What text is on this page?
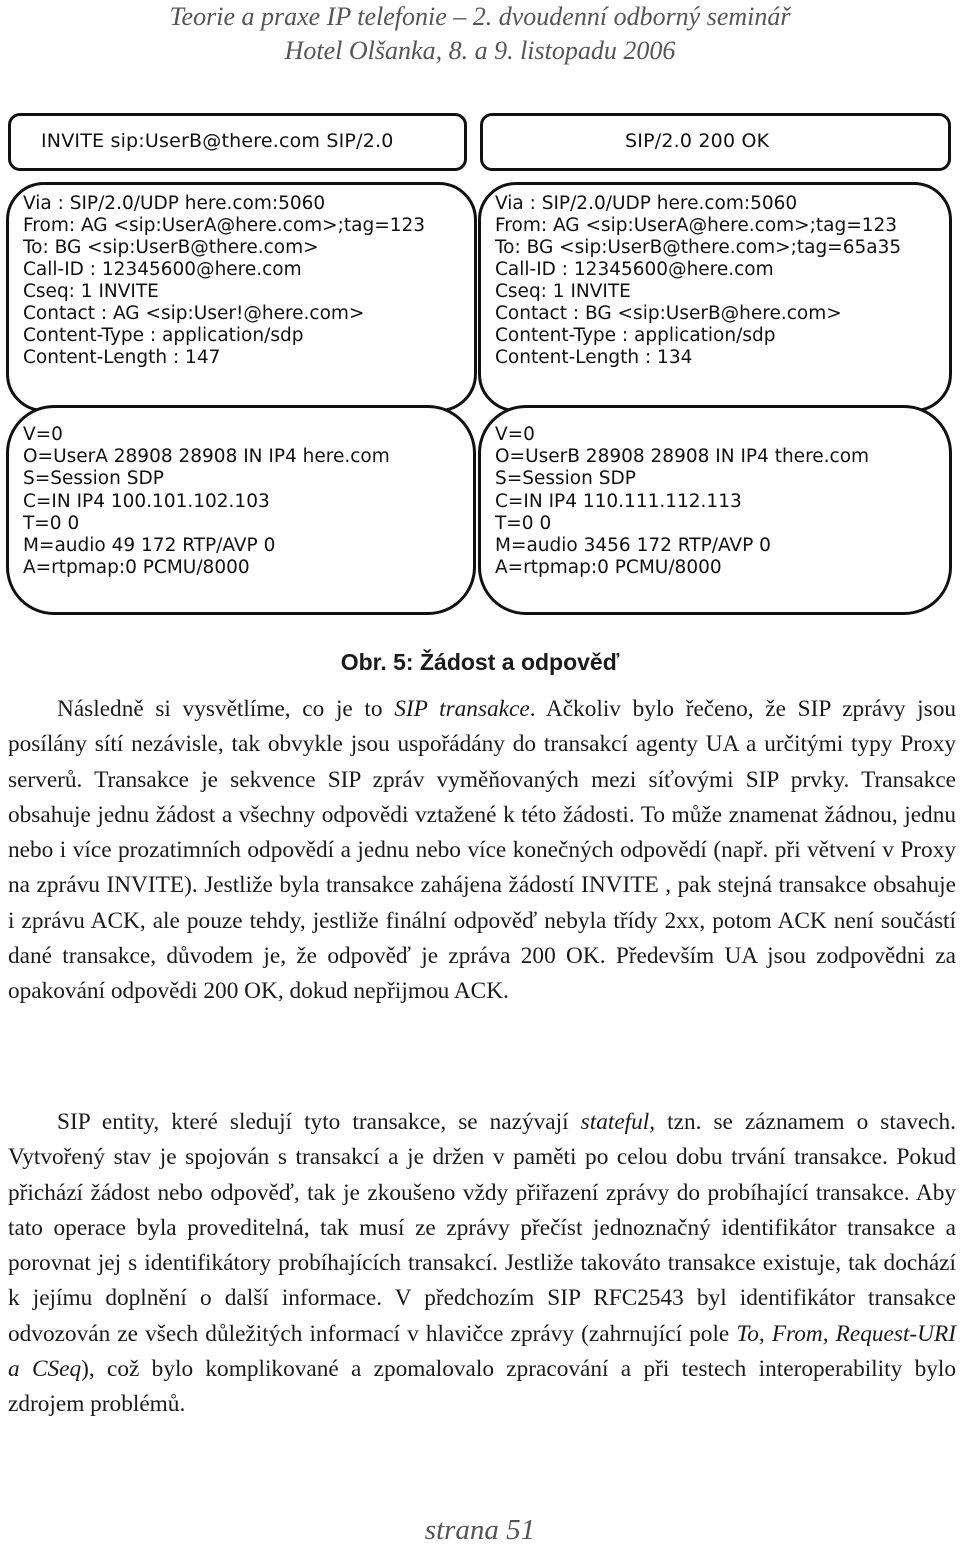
Teorie a praxe IP telefonie – 2. dvoudenní odborný seminář
Hotel Olšanka, 8. a 9. listopadu 2006
INVITE sip:UserB@there.com SIP/2.0
Via : SIP/2.0/UDP here.com:5060
From: AG <sip:UserA@here.com>;tag=123
To: BG <sip:UserB@there.com>
Call-ID : 12345600@here.com
Cseq: 1 INVITE
Contact : AG <sip:User!@here.com>
Content-Type : application/sdp
Content-Length : 147
V=0
O=UserA 28908 28908 IN IP4 here.com
S=Session SDP
C=IN IP4 100.101.102.103
T=0 0
M=audio 49 172 RTP/AVP 0
A=rtpmap:0 PCMU/8000
SIP/2.0 200 OK
Via : SIP/2.0/UDP here.com:5060
From: AG <sip:UserA@here.com>;tag=123
To: BG <sip:UserB@there.com>;tag=65a35
Call-ID : 12345600@here.com
Cseq: 1 INVITE
Contact : BG <sip:UserB@here.com>
Content-Type : application/sdp
Content-Length : 134
V=0
O=UserB 28908 28908 IN IP4 there.com
S=Session SDP
C=IN IP4 110.111.112.113
T=0 0
M=audio 3456 172 RTP/AVP 0
A=rtpmap:0 PCMU/8000
Obr. 5: Žádost a odpověď

Následně si vysvětlíme, co je to SIP transakce. Ačkoliv bylo řečeno, že SIP zprávy jsou posílány sítí nezávisle, tak obvykle jsou uspořádány do transakcí agenty UA a určitými typy Proxy serverů. Transakce je sekvence SIP zpráv vyměňovaných mezi síťovými SIP prvky. Transakce obsahuje jednu žádost a všechny odpovědi vztažené k této žádosti. To může znamenat žádnou, jednu nebo i více prozatimních odpovědí a jednu nebo více konečných odpovědí (např. při větvení v Proxy na zprávu INVITE). Jestliže byla transakce zahájena žádostí INVITE , pak stejná transakce obsahuje i zprávu ACK, ale pouze tehdy, jestliže finální odpověď nebyla třídy 2xx, potom ACK není součástí dané transakce, důvodem je, že odpověď je zpráva 200 OK. Především UA jsou zodpovědni za opakování odpovědi 200 OK, dokud nepřijmou ACK.

SIP entity, které sledují tyto transakce, se nazývají stateful, tzn. se záznamem o stavech. Vytvořený stav je spojován s transakcí a je držen v paměti po celou dobu trvání transakce. Pokud přichází žádost nebo odpověď, tak je zkoušeno vždy přiřazení zprávy do probíhající transakce. Aby tato operace byla proveditelná, tak musí ze zprávy přečíst jednoznačný identifikátor transakce a porovnat jej s identifikátory probíhajících transakcí. Jestliže takováto transakce existuje, tak dochází k jejímu doplnění o další informace. V předchozím SIP RFC2543 byl identifikátor transakce odvozován ze všech důležitých informací v hlavičce zprávy (zahrnující pole To, From, Request-URI a CSeq), což bylo komplikované a zpomalovalo zpracování a při testech interoperability bylo zdrojem problémů.

strana 51
